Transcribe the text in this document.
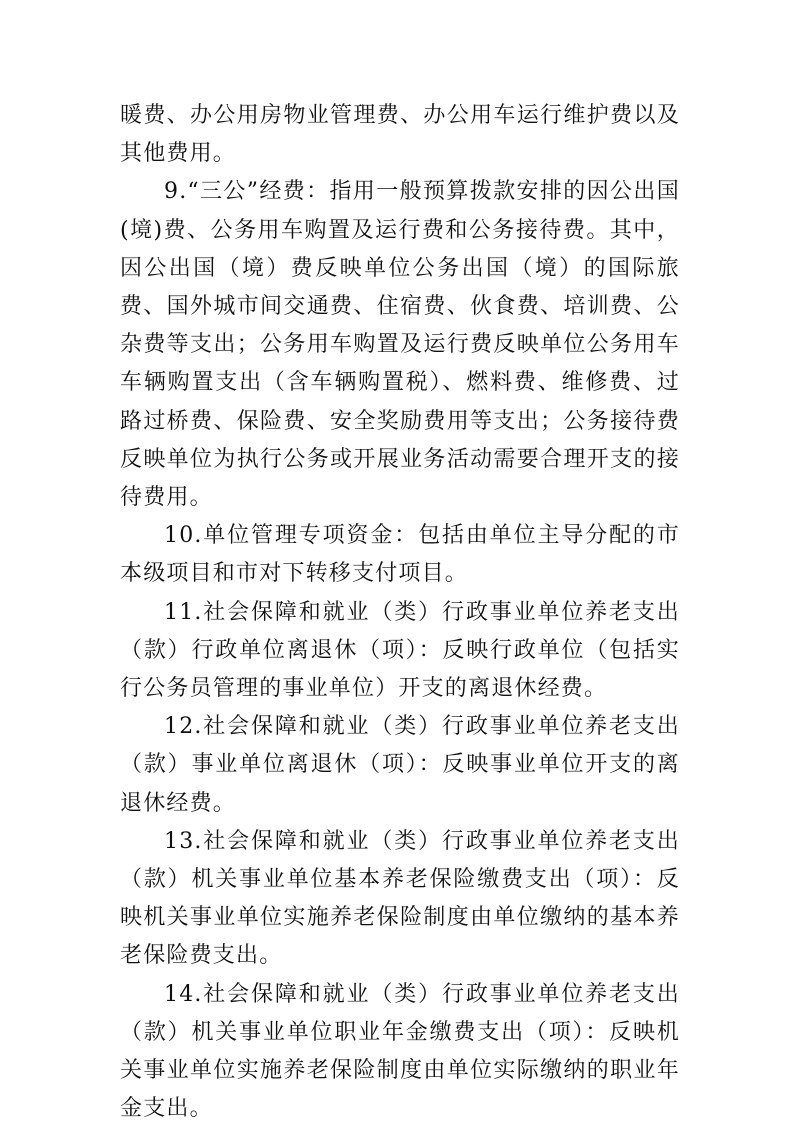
暖费、办公用房物业管理费、办公用车运行维护费以及其他费用。

9.“三公”经费：指用一般预算拨款安排的因公出国(境)费、公务用车购置及运行费和公务接待费。其中，因公出国（境）费反映单位公务出国（境）的国际旅费、国外城市间交通费、住宿费、伙食费、培训费、公杂费等支出；公务用车购置及运行费反映单位公务用车车辆购置支出（含车辆购置税）、燃料费、维修费、过路过桥费、保险费、安全奖励费用等支出；公务接待费反映单位为执行公务或开展业务活动需要合理开支的接待费用。

10.单位管理专项资金：包括由单位主导分配的市本级项目和市对下转移支付项目。

11.社会保障和就业（类）行政事业单位养老支出（款）行政单位离退休（项）：反映行政单位（包括实行公务员管理的事业单位）开支的离退休经费。

12.社会保障和就业（类）行政事业单位养老支出（款）事业单位离退休（项）：反映事业单位开支的离退休经费。

13.社会保障和就业（类）行政事业单位养老支出（款）机关事业单位基本养老保险缴费支出（项）：反映机关事业单位实施养老保险制度由单位缴纳的基本养老保险费支出。

14.社会保障和就业（类）行政事业单位养老支出（款）机关事业单位职业年金缴费支出（项）：反映机关事业单位实施养老保险制度由单位实际缴纳的职业年金支出。
